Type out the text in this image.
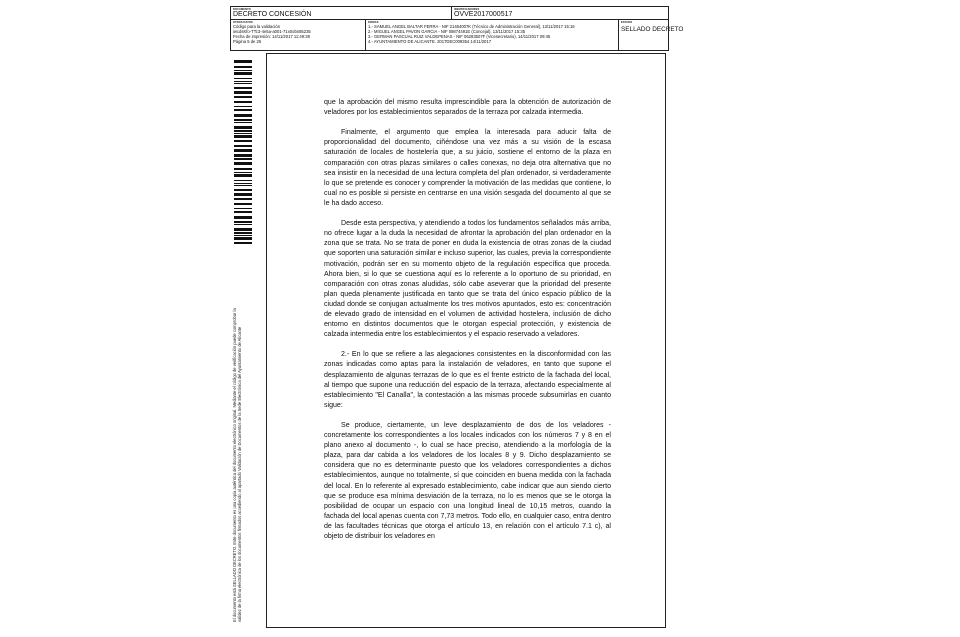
DOCUMENTO
DECRETO CONCESIÓN
IDENTIFICADORES
OVVE2017000517
OTROS DATOS
Código para la validación
iwcdsKfo-TTc3-4e5a-a001-71x0obn85235
Fecha de impresión: 14/11/2017 11:49:38
Página 5 de 25
FIRMAS
1.- SAMUEL ANGEL BALTAR FERRA - NIF 21464007K (Técnico de Administración General), 13/11/2017 15:16
2.- MIGUEL ANGEL PAVON GARCIA - NIF 08874491E (Concejal), 13/11/2017 15:35
3.- GERMAN PASCUAL RUIZ VALDEPENAS - NIF 06283507F (Vicesecretario), 14/11/2017 09:45
4.- AYUNTAMIENTO DE ALICANTE. 2017DEC009354 14/11/2017
ESTADO
SELLADO DECRETO
El documento está SELLADO DECRETO. Este documento es una copia auténtica del documento electrónico original. Mediante el código de verificación puede comprobar la validez de la firma electrónica de los documentos firmados accediendo al apartado Validación de Documentos de la Sede Electrónica del Ayuntamiento de Alicante

que la aprobación del mismo resulta imprescindible para la obtención de autorización de veladores por los establecimientos separados de la terraza por calzada intermedia.

Finalmente, el argumento que emplea la interesada para aducir falta de proporcionalidad del documento, ciñéndose una vez más a su visión de la escasa saturación de locales de hostelería que, a su juicio, sostiene el entorno de la plaza en comparación con otras plazas similares o calles conexas, no deja otra alternativa que no sea insistir en la necesidad de una lectura completa del plan ordenador, si verdaderamente lo que se pretende es conocer y comprender la motivación de las medidas que contiene, lo cual no es posible si persiste en centrarse en una visión sesgada del documento al que se le ha dado acceso.

Desde esta perspectiva, y atendiendo a todos los fundamentos señalados más arriba, no ofrece lugar a la duda la necesidad de afrontar la aprobación del plan ordenador en la zona que se trata. No se trata de poner en duda la existencia de otras zonas de la ciudad que soporten una saturación similar e incluso superior, las cuales, previa la correspondiente motivación, podrán ser en su momento objeto de la regulación específica que proceda. Ahora bien, si lo que se cuestiona aquí es lo referente a lo oportuno de su prioridad, en comparación con otras zonas aludidas, sólo cabe aseverar que la prioridad del presente plan queda plenamente justificada en tanto que se trata del único espacio público de la ciudad donde se conjugan actualmente los tres motivos apuntados, esto es: concentración de elevado grado de intensidad en el volumen de actividad hostelera, inclusión de dicho entorno en distintos documentos que le otorgan especial protección, y existencia de calzada intermedia entre los establecimientos y el espacio reservado a veladores.

2.- En lo que se refiere a las alegaciones consistentes en la disconformidad con las zonas indicadas como aptas para la instalación de veladores, en tanto que supone el desplazamiento de algunas terrazas de lo que es el frente estricto de la fachada del local, al tiempo que supone una reducción del espacio de la terraza, afectando especialmente al establecimiento "El Canalla", la contestación a las mismas procede subsumirlas en cuanto sigue:

Se produce, ciertamente, un leve desplazamiento de dos de los veladores - concretamente los correspondientes a los locales indicados con los números 7 y 8 en el plano anexo al documento -, lo cual se hace preciso, atendiendo a la morfología de la plaza, para dar cabida a los veladores de los locales 8 y 9. Dicho desplazamiento se considera que no es determinante puesto que los veladores correspondientes a dichos establecimientos, aunque no totalmente, sí que coinciden en buena medida con la fachada del local. En lo referente al expresado establecimiento, cabe indicar que aun siendo cierto que se produce esa mínima desviación de la terraza, no lo es menos que se le otorga la posibilidad de ocupar un espacio con una longitud lineal de 10,15 metros, cuando la fachada del local apenas cuenta con 7,73 metros. Todo ello, en cualquier caso, entra dentro de las facultades técnicas que otorga el artículo 13, en relación con el artículo 7.1 c), al objeto de distribuir los veladores en
